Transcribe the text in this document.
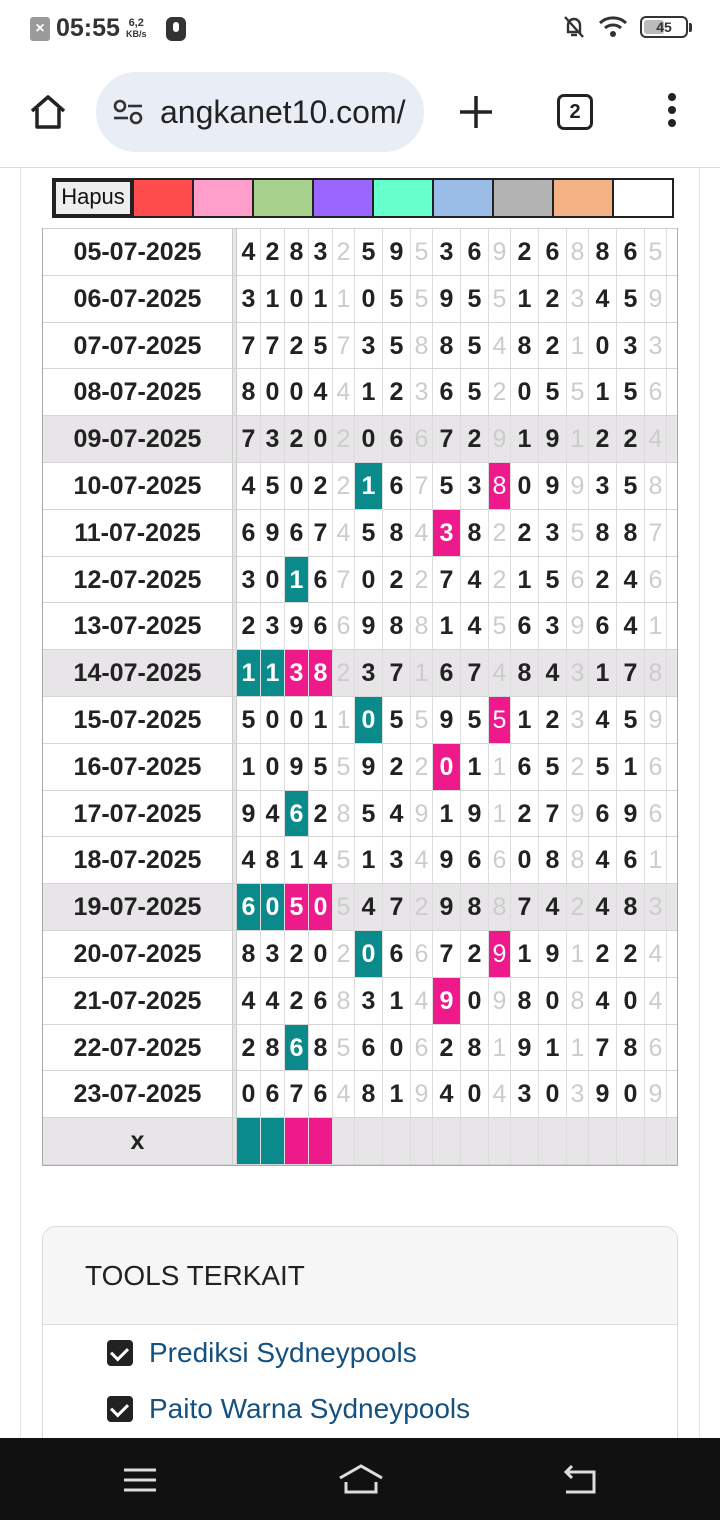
× 05:55 6,2
KB/s	45
angkanet10.com/	2
Hapus
05-07-2025	4 2 8 3 2 5 9 5 3 6 9 2 6 8 8 6 5
06-07-2025	3 1 0 1 1 0 5 5 9 5 5 1 2 3 4 5 9
07-07-2025	7 7 2 5 7 3 5 8 8 5 4 8 2 1 0 3 3
08-07-2025	8 0 0 4 4 1 2 3 6 5 2 0 5 5 1 5 6
09-07-2025	7 3 2 0 2 0 6 6 7 2 9 1 9 1 2 2 4
10-07-2025	4 5 0 2 2 1 6 7 5 3 8 0 9 9 3 5 8
11-07-2025	6 9 6 7 4 5 8 4 3 8 2 2 3 5 8 8 7
12-07-2025	3 0 1 6 7 0 2 2 7 4 2 1 5 6 2 4 6
13-07-2025	2 3 9 6 6 9 8 8 1 4 5 6 3 9 6 4 1
14-07-2025	1 1 3 8 2 3 7 1 6 7 4 8 4 3 1 7 8
15-07-2025	5 0 0 1 1 0 5 5 9 5 5 1 2 3 4 5 9
16-07-2025	1 0 9 5 5 9 2 2 0 1 1 6 5 2 5 1 6
17-07-2025	9 4 6 2 8 5 4 9 1 9 1 2 7 9 6 9 6
18-07-2025	4 8 1 4 5 1 3 4 9 6 6 0 8 8 4 6 1
19-07-2025	6 0 5 0 5 4 7 2 9 8 8 7 4 2 4 8 3
20-07-2025	8 3 2 0 2 0 6 6 7 2 9 1 9 1 2 2 4
21-07-2025	4 4 2 6 8 3 1 4 9 0 9 8 0 8 4 0 4
22-07-2025	2 8 6 8 5 6 0 6 2 8 1 9 1 1 7 8 6
23-07-2025	0 6 7 6 4 8 1 9 4 0 4 3 0 3 9 0 9
x
TOOLS TERKAIT
Prediksi Sydneypools
Paito Warna Sydneypools
